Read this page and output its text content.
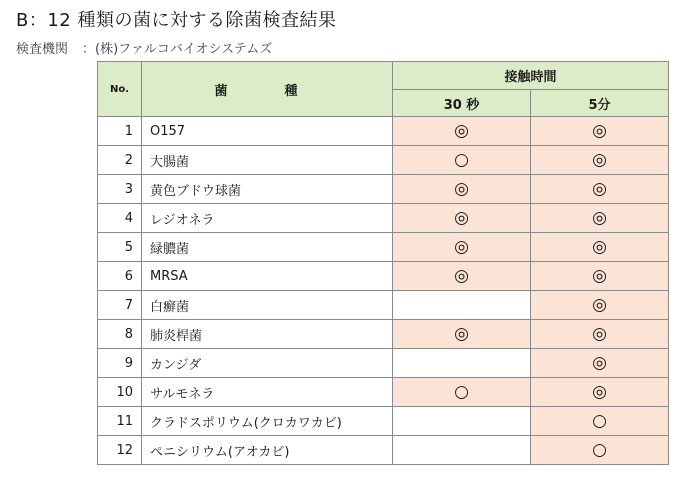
B：12 種類の菌に対する除菌検査結果
検査機関 ：(株)ファルコバイオシステムズ
No.	菌　種	接触時間	
		30 秒	5分
1	O157	◎	◎
2	大腸菌	○	◎
3	黄色ブドウ球菌	◎	◎
4	レジオネラ	◎	◎
5	緑膿菌	◎	◎
6	MRSA	◎	◎
7	白癬菌		◎
8	肺炎桿菌	◎	◎
9	カンジダ		◎
10	サルモネラ	○	◎
11	クラドスポリウム(クロカワカビ)		○
12	ペニシリウム(アオカビ)		○
